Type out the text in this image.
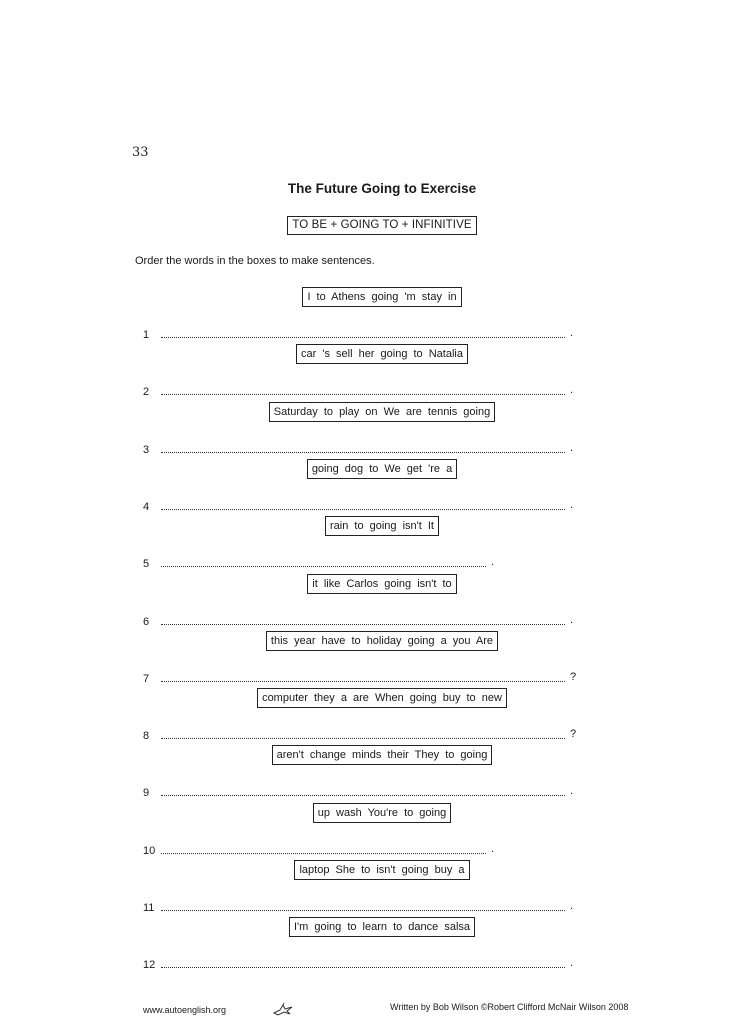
33
The Future Going to Exercise
TO BE + GOING TO + INFINITIVE
Order the words in the boxes to make sentences.
I to Athens going 'm stay in
1	.
car 's sell her going to Natalia
2	.
Saturday to play on We are tennis going
3	.
going dog to We get 're a
4	.
rain to going isn't It
5	.
it like Carlos going isn't to
6	.
this year have to holiday going a you Are
7	?
computer they a are When going buy to new
8	?
aren't change minds their They to going
9	.
up wash You're to going
10	.
laptop She to isn't going buy a
11	.
I'm going to learn to dance salsa
12	.
www.autoenglish.org	Written by Bob Wilson ©Robert Clifford McNair Wilson 2008
